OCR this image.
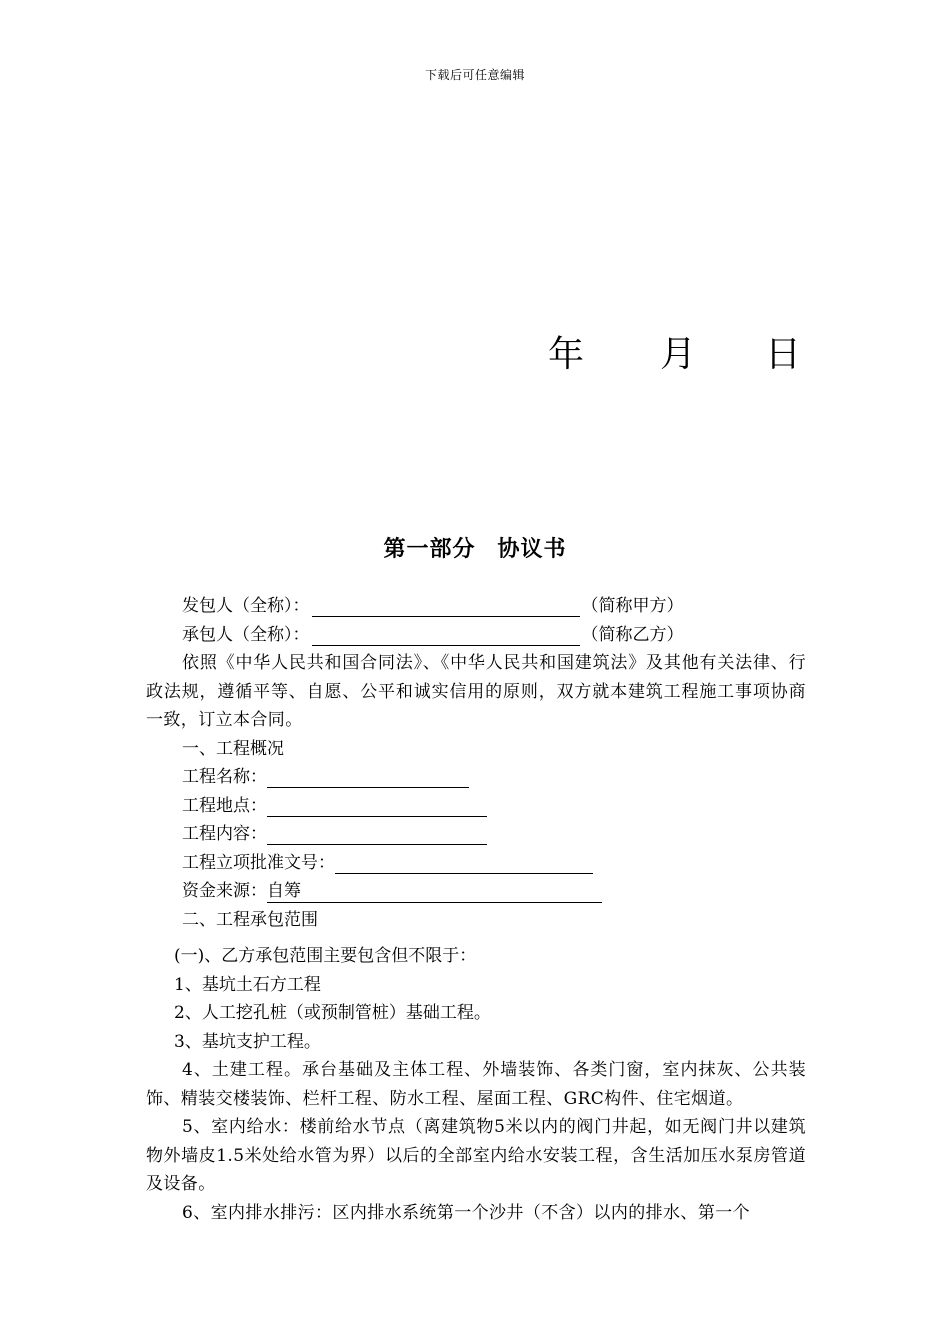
下载后可任意编辑
年	月	日
第一部分 协议书

发包人（全称）：	（简称甲方）

承包人（全称）：	（简称乙方）

依照《中华人民共和国合同法》、《中华人民共和国建筑法》及其他有关法律、行政法规，遵循平等、自愿、公平和诚实信用的原则，双方就本建筑工程施工事项协商一致，订立本合同。

一、工程概况

工程名称：

工程地点：

工程内容：

工程立项批准文号：

资金来源：自筹

二、工程承包范围

(一)、乙方承包范围主要包含但不限于：

1、基坑土石方工程

2、人工挖孔桩（或预制管桩）基础工程。

3、基坑支护工程。

4、土建工程。承台基础及主体工程、外墙装饰、各类门窗，室内抹灰、公共装饰、精装交楼装饰、栏杆工程、防水工程、屋面工程、GRC构件、住宅烟道。

5、室内给水：楼前给水节点（离建筑物5米以内的阀门井起，如无阀门井以建筑物外墙皮1.5米处给水管为界）以后的全部室内给水安装工程，含生活加压水泵房管道及设备。

6、室内排水排污：区内排水系统第一个沙井（不含）以内的排水、第一个
